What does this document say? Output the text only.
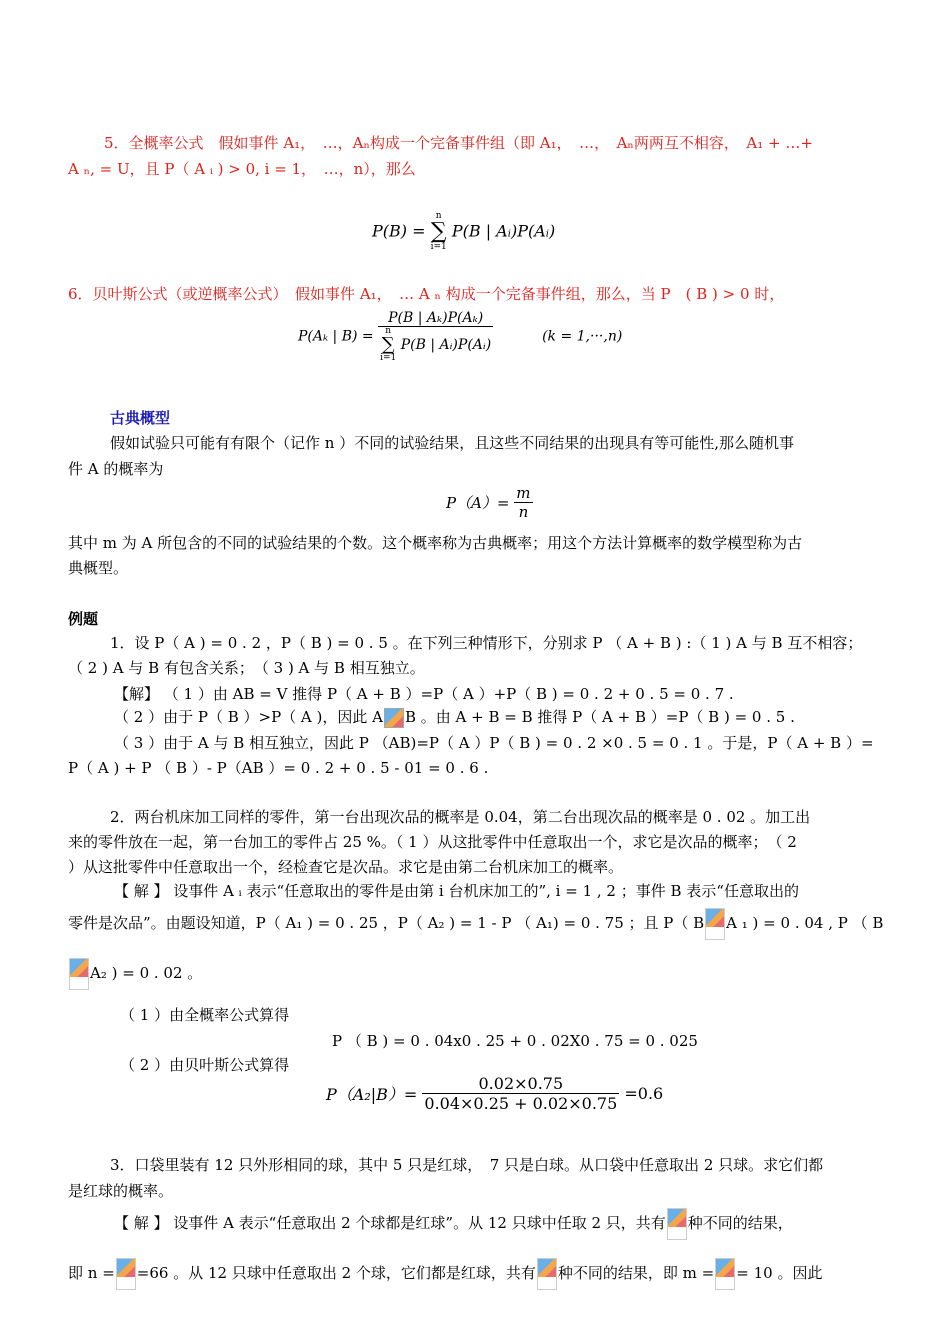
5．全概率公式　假如事件 A₁，　…，Aₙ构成一个完备事件组（即 A₁，　…，　Aₙ两两互不相容，　A₁ + …+
A ₙ, = U，且 P（ A ᵢ ) > 0, i = 1，　…，n），那么
P(B) =
n
∑
i=1
P(B | Aᵢ)P(Aᵢ)
6．贝叶斯公式（或逆概率公式）　假如事件 A₁，　… A ₙ 构成一个完备事件组，那么，当 P　( B ) > 0 时，
P(Aₖ | B) = P(B | Aₖ)P(Aₖ)
n
∑
i=1
P(B | Aᵢ)P(Aᵢ)	(k = 1,···,n)
古典概型
假如试验只可能有有限个（记作 n ）不同的试验结果，且这些不同结果的出现具有等可能性,那么随机事
件 A 的概率为
$P(A)= \frac{m}{n}$
其中 m 为 A 所包含的不同的试验结果的个数。这个概率称为古典概率；用这个方法计算概率的数学模型称为古
典概型。
例题
1．设 P（ A ) = 0 . 2 ，P（ B ) = 0 . 5 。在下列三种情形下，分别求 P （ A + B ) :（ 1 ) A 与 B 互不相容；
（ 2 ) A 与 B 有包含关系；　（ 3 ) A 与 B 相互独立。
【解】 （ 1 ）由 AB = V 推得 P（ A + B ）=P（ A ）+P（ B ) = 0 . 2 + 0 . 5 = 0 . 7 .
（ 2 ）由于 P（ B ）>P（ A )，因此 A B 。由 A + B = B 推得 P（ A + B ）=P（ B ) = 0 . 5 .
（ 3 ）由于 A 与 B 相互独立，因此 P （AB)=P（ A ）P（ B ) = 0 . 2 ×0 . 5 = 0 . 1 。于是，P（ A + B ）=
P（ A ) + P （ B ）- P（AB ）= 0 . 2 + 0 . 5 - 01 = 0 . 6 .
2．两台机床加工同样的零件，第一台出现次品的概率是 0.04，第二台出现次品的概率是 0 . 02 。加工出
来的零件放在一起，第一台加工的零件占 25 %。（ 1 ）从这批零件中任意取出一个，求它是次品的概率；　（ 2
）从这批零件中任意取出一个，经检查它是次品。求它是由第二台机床加工的概率。
【 解 】 设事件 A ᵢ 表示“任意取出的零件是由第 i 台机床加工的”, i = 1 , 2 ；事件 B 表示“任意取出的
零件是次品”。由题设知道，P（ A₁ ) = 0 . 25 ，P（ A₂ ) = 1 - P （ A₁) = 0 . 75 ；且 P（ B A ₁ ) = 0 . 04 , P （ B
A₂ ) = 0 . 02 。
（ 1 ）由全概率公式算得
P （ B ) = 0 . 04x0 . 25 + 0 . 02X0 . 75 = 0 . 025
（ 2 ）由贝叶斯公式算得
$P(A_2|B)= \frac{0.02\times 0.75}{0.04\times 0.25 + 0.02\times 0.75} =0.6$
3．口袋里装有 12 只外形相同的球，其中 5 只是红球，　7 只是白球。从口袋中任意取出 2 只球。求它们都
是红球的概率。
【 解 】 设事件 A 表示“任意取出 2 个球都是红球”。从 12 只球中任取 2 只，共有 种不同的结果，
即 n = =66 。从 12 只球中任意取出 2 个球，它们都是红球，共有 种不同的结果，即 m = = 10 。因此
